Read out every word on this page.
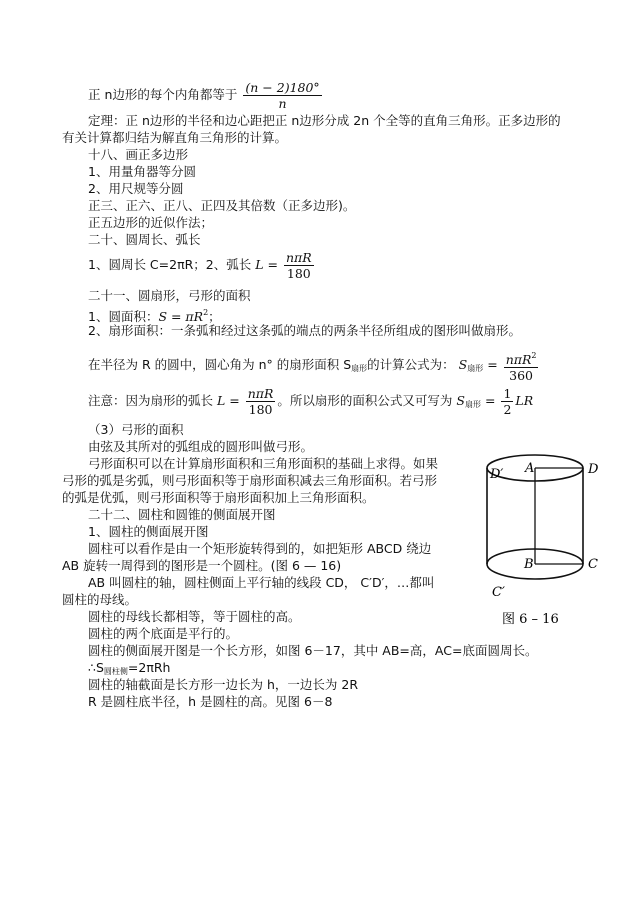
正 n边形的每个内角都等于 $\frac{(n - 2)180^\circ}{n}$
定理：正 n边形的半径和边心距把正 n边形分成 2n 个全等的直角三角形。正多边形的
有关计算都归结为解直角三角形的计算。
十八、画正多边形
1、用量角器等分圆
2、用尺规等分圆
正三、正六、正八、正四及其倍数（正多边形)。
正五边形的近似作法；
二十、圆周长、弧长
1、圆周长 C=2πR；2、弧长 $L = \frac{\text{nπR}}{180}$
二十一、圆扇形，弓形的面积
1、圆面积：$S = \pi R^2$；
2、扇形面积：一条弧和经过这条弧的端点的两条半径所组成的图形叫做扇形。
在半径为 R 的圆中，圆心角为 n° 的扇形面积 $S_{扇形}$的计算公式为： $S_{扇形} = \frac{n\pi R^2}{360}$
注意：因为扇形的弧长 $L = \frac{\text{nπR}}{180}$ 。所以扇形的面积公式又可写为 $S_{扇形} = \frac{1}{2}$ LR
（3）弓形的面积
由弦及其所对的弧组成的圆形叫做弓形。
弓形面积可以在计算扇形面积和三角形面积的基础上求得。如果
弓形的弧是劣弧，则弓形面积等于扇形面积减去三角形面积。若弓形
的弧是优弧，则弓形面积等于扇形面积加上三角形面积。
二十二、圆柱和圆锥的侧面展开图
1、圆柱的侧面展开图
圆柱可以看作是由一个矩形旋转得到的，如把矩形 ABCD 绕边
AB 旋转一周得到的图形是一个圆柱。(图 6 — 16)
AB 叫圆柱的轴，圆柱侧面上平行轴的线段 CD， C′D′，…都叫
圆柱的母线。
圆柱的母线长都相等，等于圆柱的高。
圆柱的两个底面是平行的。
圆柱的侧面展开图是一个长方形，如图 6－17，其中 AB=高，AC=底面圆周长。
$\therefore S_{圆柱侧}=2\pi Rh$
圆柱的轴截面是长方形一边长为 h，一边长为 2R
R 是圆柱底半径，h 是圆柱的高。见图 6－8
A	D
D′
B	C
C′
图 6 – 16
